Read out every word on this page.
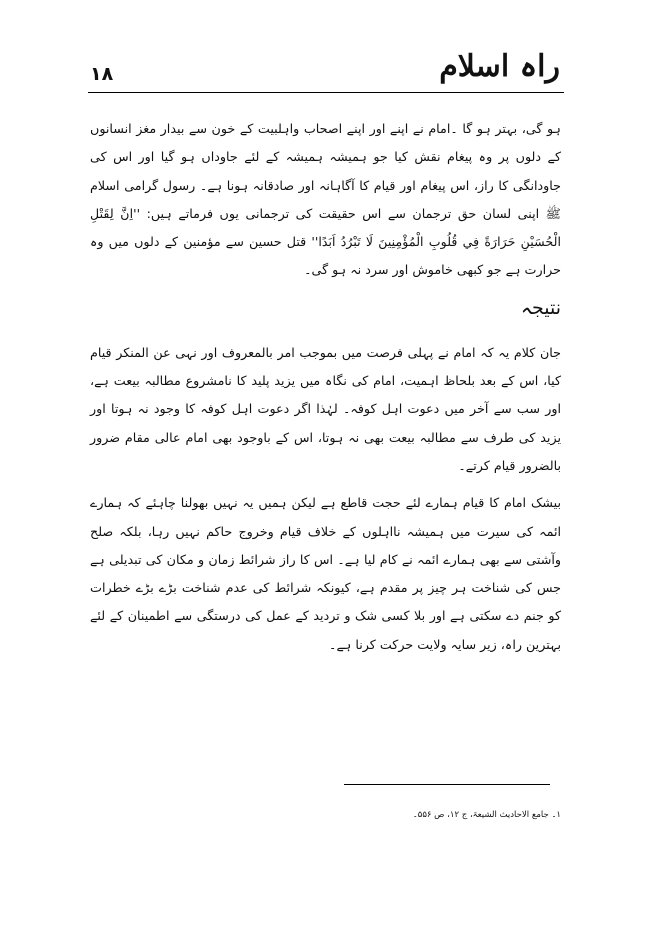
راہ اسلام
۱۸

ہو گی، بہتر ہو گا ۔امام نے اپنے اور اپنے اصحاب واہلبیت کے خون سے بیدار مغز انسانوں کے دلوں پر وہ پیغام نقش کیا جو ہمیشہ ہمیشہ کے لئے جاوداں ہو گیا اور اس کی جاودانگی کا راز، اس پیغام اور قیام کا آگاہانہ اور صادقانہ ہونا ہے۔ رسول گرامی اسلام ﷺ اپنی لسان حق ترجمان سے اس حقیقت کی ترجمانی یوں فرماتے ہیں: ''اِنَّ لِقَتْلِ الْحُسَيْنِ حَرَارَةً فِي قُلُوبِ الْمُؤْمِنِينَ لَا تَبْرُدُ اَبَدًا'' قتل حسین سے مؤمنین کے دلوں میں وہ حرارت ہے جو کبھی خاموش اور سرد نہ ہو گی۔

نتیجہ

جان کلام یہ کہ امام نے پہلی فرصت میں بموجب امر بالمعروف اور نہی عن المنکر قیام کیا، اس کے بعد بلحاظ اہمیت، امام کی نگاہ میں یزید پلید کا نامشروع مطالبہ بیعت ہے، اور سب سے آخر میں دعوت اہل کوفہ۔ لہٰذا اگر دعوت اہل کوفہ کا وجود نہ ہوتا اور یزید کی طرف سے مطالبہ بیعت بھی نہ ہوتا، اس کے باوجود بھی امام عالی مقام ضرور بالضرور قیام کرتے۔

بیشک امام کا قیام ہمارے لئے حجت قاطع ہے لیکن ہمیں یہ نہیں بھولنا چاہئے کہ ہمارے ائمہ کی سیرت میں ہمیشہ نااہلوں کے خلاف قیام وخروج حاکم نہیں رہا، بلکہ صلح وآشتی سے بھی ہمارے ائمہ نے کام لیا ہے۔ اس کا راز شرائط زمان و مکان کی تبدیلی ہے جس کی شناخت ہر چیز پر مقدم ہے، کیونکہ شرائط کی عدم شناخت بڑے بڑے خطرات کو جنم دے سکتی ہے اور بلا کسی شک و تردید کے عمل کی درستگی سے اطمینان کے لئے بہترین راہ، زیر سایہ ولایت حرکت کرنا ہے۔

۱۔ جامع الاحادیث الشیعۃ، ج ۱۲، ص ۵۵۶۔
